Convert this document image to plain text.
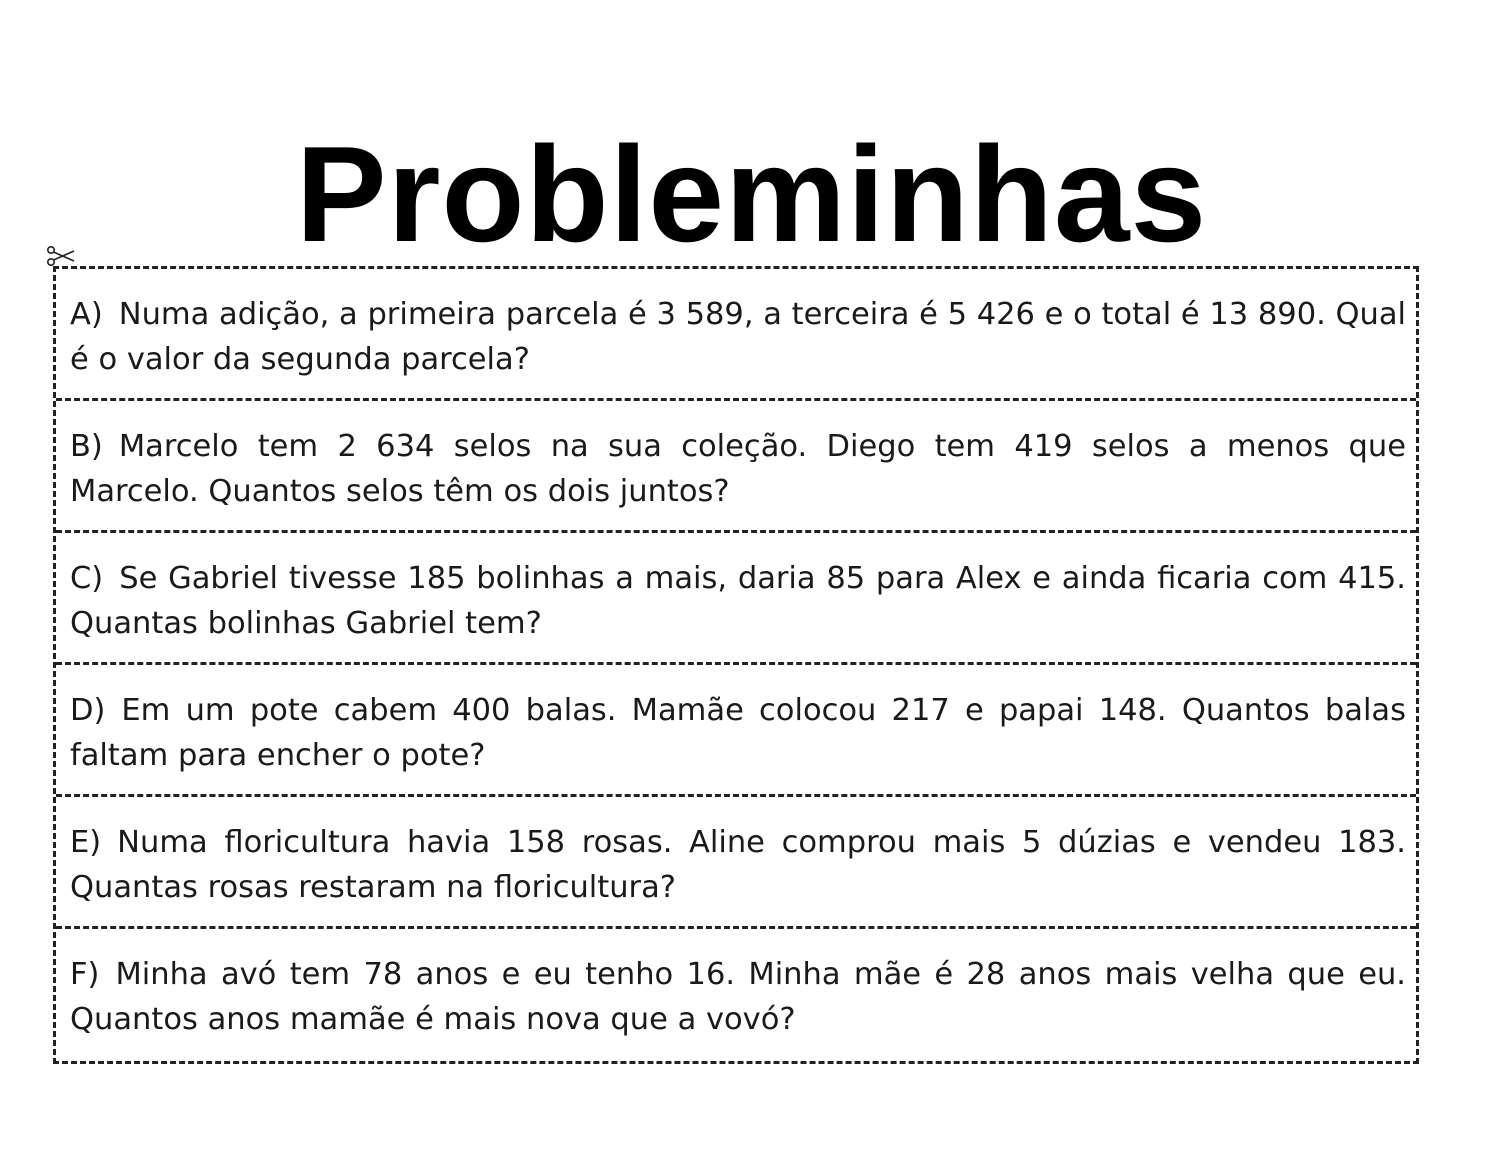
Probleminhas
A) Numa adição, a primeira parcela é 3 589, a terceira é 5 426 e o total é 13 890. Qual é o valor da segunda parcela?
B) Marcelo tem 2 634 selos na sua coleção. Diego tem 419 selos a menos que Marcelo. Quantos selos têm os dois juntos?
C) Se Gabriel tivesse 185 bolinhas a mais, daria 85 para Alex e ainda ficaria com 415. Quantas bolinhas Gabriel tem?
D) Em um pote cabem 400 balas. Mamãe colocou 217 e papai 148. Quantos balas faltam para encher o pote?
E) Numa floricultura havia 158 rosas. Aline comprou mais 5 dúzias e vendeu 183. Quantas rosas restaram na floricultura?
F) Minha avó tem 78 anos e eu tenho 16. Minha mãe é 28 anos mais velha que eu. Quantos anos mamãe é mais nova que a vovó?
